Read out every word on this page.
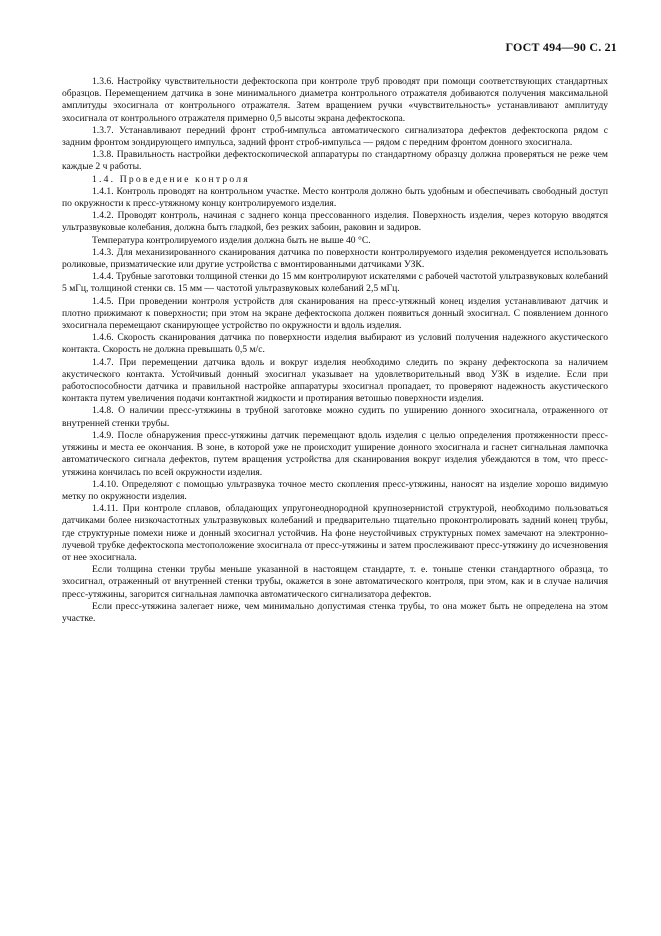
ГОСТ 494—90 С. 21

1.3.6. Настройку чувствительности дефектоскопа при контроле труб проводят при помощи соответствующих стандартных образцов. Перемещением датчика в зоне минимального диаметра контрольного отражателя добиваются получения максимальной амплитуды эхосигнала от контрольного отражателя. Затем вращением ручки «чувствительность» устанавливают амплитуду эхосигнала от контрольного отражателя примерно 0,5 высоты экрана дефектоскопа.

1.3.7. Устанавливают передний фронт строб-импульса автоматического сигнализатора дефектов дефектоскопа рядом с задним фронтом зондирующего импульса, задний фронт строб-импульса — рядом с передним фронтом донного эхосигнала.

1.3.8. Правильность настройки дефектоскопической аппаратуры по стандартному образцу должна проверяться не реже чем каждые 2 ч работы.

1.4. Проведение контроля

1.4.1. Контроль проводят на контрольном участке. Место контроля должно быть удобным и обеспечивать свободный доступ по окружности к пресс-утяжному концу контролируемого изделия.

1.4.2. Проводят контроль, начиная с заднего конца прессованного изделия. Поверхность изделия, через которую вводятся ультразвуковые колебания, должна быть гладкой, без резких забоин, раковин и задиров.

Температура контролируемого изделия должна быть не выше 40 °С.

1.4.3. Для механизированного сканирования датчика по поверхности контролируемого изделия рекомендуется использовать роликовые, призматические или другие устройства с вмонтированными датчиками УЗК.

1.4.4. Трубные заготовки толщиной стенки до 15 мм контролируют искателями с рабочей частотой ультразвуковых колебаний 5 мГц, толщиной стенки св. 15 мм — частотой ультразвуковых колебаний 2,5 мГц.

1.4.5. При проведении контроля устройств для сканирования на пресс-утяжный конец изделия устанавливают датчик и плотно прижимают к поверхности; при этом на экране дефектоскопа должен появиться донный эхосигнал. С появлением донного эхосигнала перемещают сканирующее устройство по окружности и вдоль изделия.

1.4.6. Скорость сканирования датчика по поверхности изделия выбирают из условий получения надежного акустического контакта. Скорость не должна превышать 0,5 м/с.

1.4.7. При перемещении датчика вдоль и вокруг изделия необходимо следить по экрану дефектоскопа за наличием акустического контакта. Устойчивый донный эхосигнал указывает на удовлетворительный ввод УЗК в изделие. Если при работоспособности датчика и правильной настройке аппаратуры эхосигнал пропадает, то проверяют надежность акустического контакта путем увеличения подачи контактной жидкости и протирания ветошью поверхности изделия.

1.4.8. О наличии пресс-утяжины в трубной заготовке можно судить по уширению донного эхосигнала, отраженного от внутренней стенки трубы.

1.4.9. После обнаружения пресс-утяжины датчик перемещают вдоль изделия с целью определения протяженности пресс-утяжины и места ее окончания. В зоне, в которой уже не происходит уширение донного эхосигнала и гаснет сигнальная лампочка автоматического сигнала дефектов, путем вращения устройства для сканирования вокруг изделия убеждаются в том, что пресс-утяжина кончилась по всей окружности изделия.

1.4.10. Определяют с помощью ультразвука точное место скопления пресс-утяжины, наносят на изделие хорошо видимую метку по окружности изделия.

1.4.11. При контроле сплавов, обладающих упругонеоднородной крупнозернистой структурой, необходимо пользоваться датчиками более низкочастотных ультразвуковых колебаний и предварительно тщательно проконтролировать задний конец трубы, где структурные помехи ниже и донный эхосигнал устойчив. На фоне неустойчивых структурных помех замечают на электронно-лучевой трубке дефектоскопа местоположение эхосигнала от пресс-утяжины и затем прослеживают пресс-утяжину до исчезновения от нее эхосигнала.

Если толщина стенки трубы меньше указанной в настоящем стандарте, т. е. тоньше стенки стандартного образца, то эхосигнал, отраженный от внутренней стенки трубы, окажется в зоне автоматического контроля, при этом, как и в случае наличия пресс-утяжины, загорится сигнальная лампочка автоматического сигнализатора дефектов.

Если пресс-утяжина залегает ниже, чем минимально допустимая стенка трубы, то она может быть не определена на этом участке.
